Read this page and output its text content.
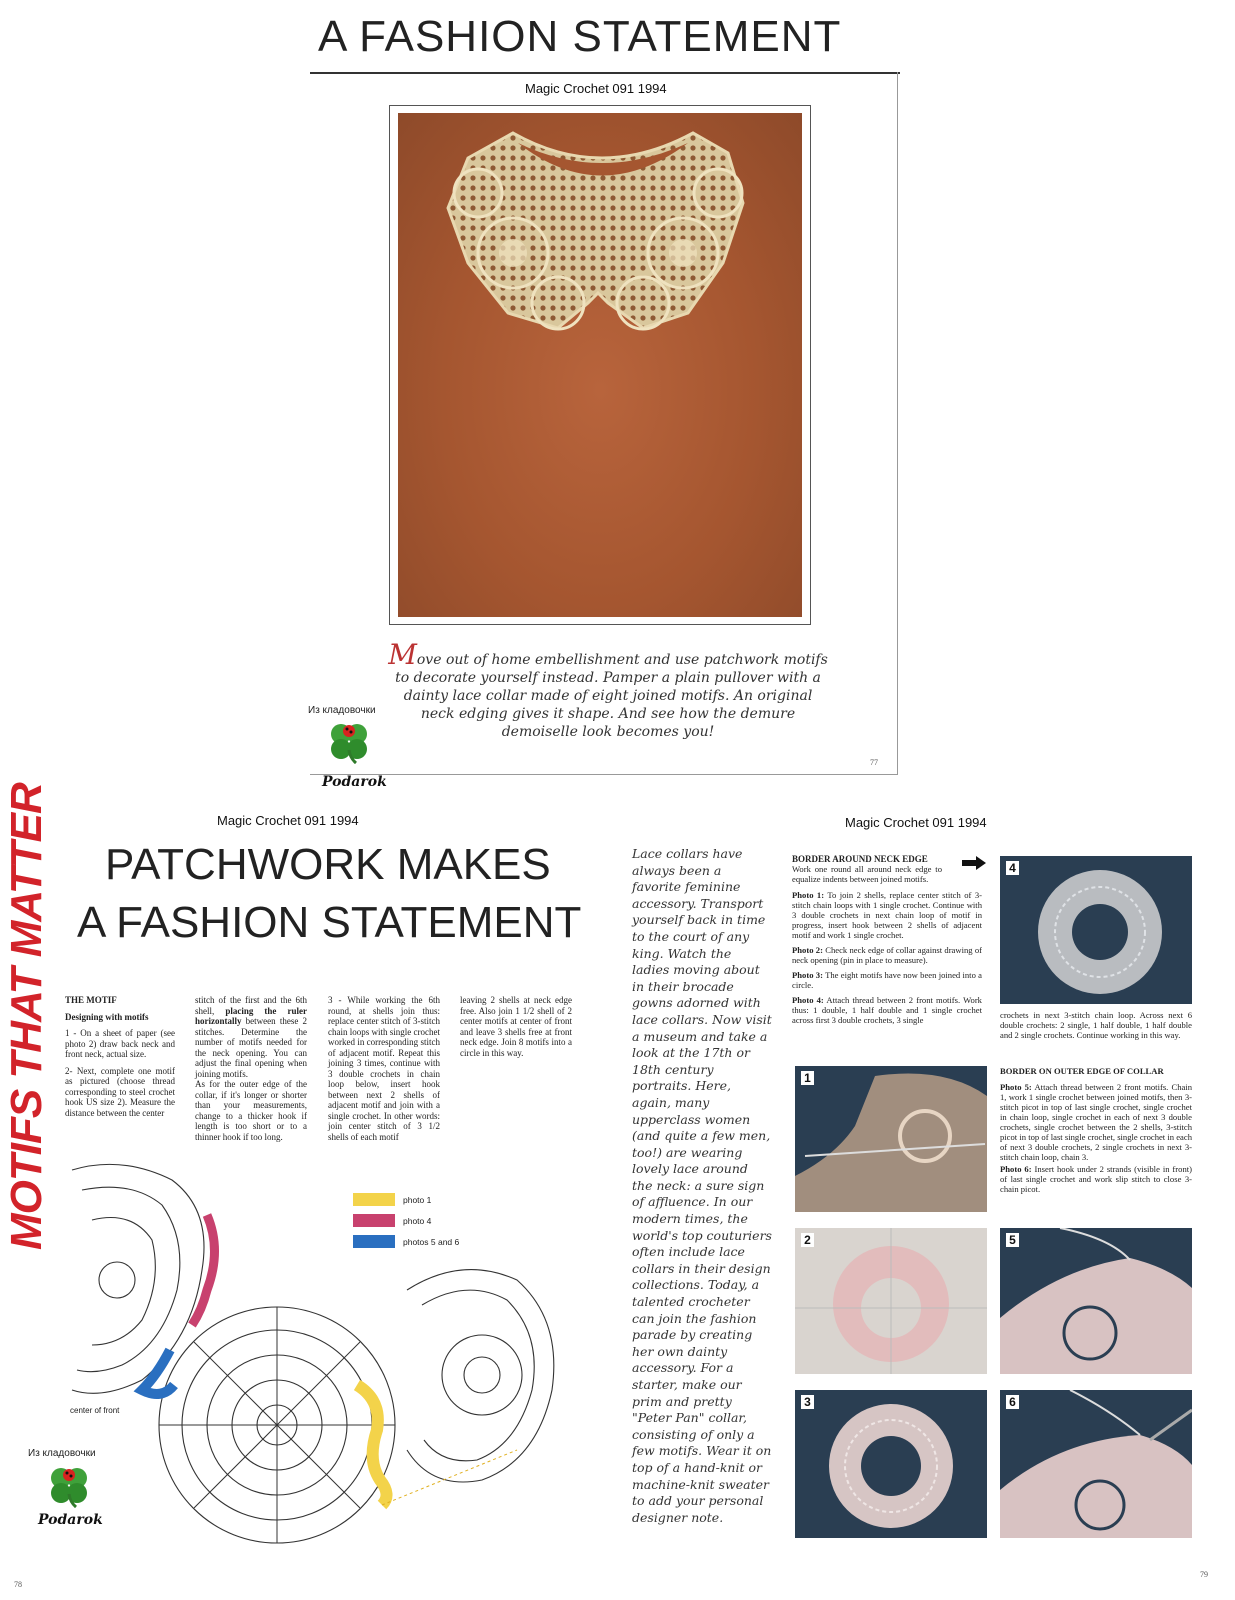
A FASHION STATEMENT
Magic Crochet 091 1994
Move out of home embellishment and use patchwork motifs to decorate yourself instead. Pamper a plain pullover with a dainty lace collar made of eight joined motifs. An original neck edging gives it shape. And see how the demure demoiselle look becomes you!
77
Из кладовочки
Podarok
MOTIFS THAT MATTER	Magic Crochet 091 1994
PATCHWORK MAKES
A FASHION STATEMENT
THE MOTIF
Designing with motifs
1 - On a sheet of paper (see photo 2) draw back neck and front neck, actual size.
2- Next, complete one motif as pictured (choose thread corresponding to steel crochet hook US size 2). Measure the distance between the center
stitch of the first and the 6th shell, placing the ruler horizontally between these 2 stitches. Determine the number of motifs needed for the neck opening. You can adjust the final opening when joining motifs.
As for the outer edge of the collar, if it's longer or shorter than your measurements, change to a thicker hook if length is too short or to a thinner hook if too long.
3 - While working the 6th round, at shells join thus: replace center stitch of 3-stitch chain loops with single crochet worked in corresponding stitch of adjacent motif. Repeat this joining 3 times, continue with 3 double crochets in chain loop below, insert hook between next 2 shells of adjacent motif and join with a single crochet. In other words: join center stitch of 3 1/2 shells of each motif
leaving 2 shells at neck edge free. Also join 1 1/2 shell of 2 center motifs at center of front and leave 3 shells free at front neck edge. Join 8 motifs into a circle in this way.
photo 1
photo 4
photos 5 and 6
center of front
78
Из кладовочки
Podarok
Magic Crochet 091 1994
Lace collars have always been a favorite feminine accessory. Transport yourself back in time to the court of any king. Watch the ladies moving about in their brocade gowns adorned with lace collars. Now visit a museum and take a look at the 17th or 18th century portraits. Here, again, many upperclass women (and quite a few men, too!) are wearing lovely lace around the neck: a sure sign of affluence. In our modern times, the world's top couturiers often include lace collars in their design collections. Today, a talented crocheter can join the fashion parade by creating her own dainty accessory. For a starter, make our prim and pretty "Peter Pan" collar, consisting of only a few motifs. Wear it on top of a hand-knit or machine-knit sweater to add your personal designer note.
BORDER AROUND NECK EDGE
Work one round all around neck edge to equalize indents between joined motifs.
Photo 1: To join 2 shells, replace center stitch of 3-stitch chain loops with 1 single crochet. Continue with 3 double crochets in next chain loop of motif in progress, insert hook between 2 shells of adjacent motif and work 1 single crochet.
Photo 2: Check neck edge of collar against drawing of neck opening (pin in place to measure).
Photo 3: The eight motifs have now been joined into a circle.
Photo 4: Attach thread between 2 front motifs. Work thus: 1 double, 1 half double and 1 single crochet across first 3 double crochets, 3 single	crochets in next 3-stitch chain loop. Across next 6 double crochets: 2 single, 1 half double, 1 half double and 2 single crochets. Continue working in this way.
BORDER ON OUTER EDGE OF COLLAR
Photo 5: Attach thread between 2 front motifs. Chain 1, work 1 single crochet between joined motifs, then 3-stitch picot in top of last single crochet, single crochet in chain loop, single crochet in each of next 3 double crochets, single crochet between the 2 shells, 3-stitch picot in top of last single crochet, single crochet in each of next 3 double crochets, 2 single crochets in next 3-stitch chain loop, chain 3.
Photo 6: Insert hook under 2 strands (visible in front) of last single crochet and work slip stitch to close 3-chain picot.
4
1
2	5
3	6
79
